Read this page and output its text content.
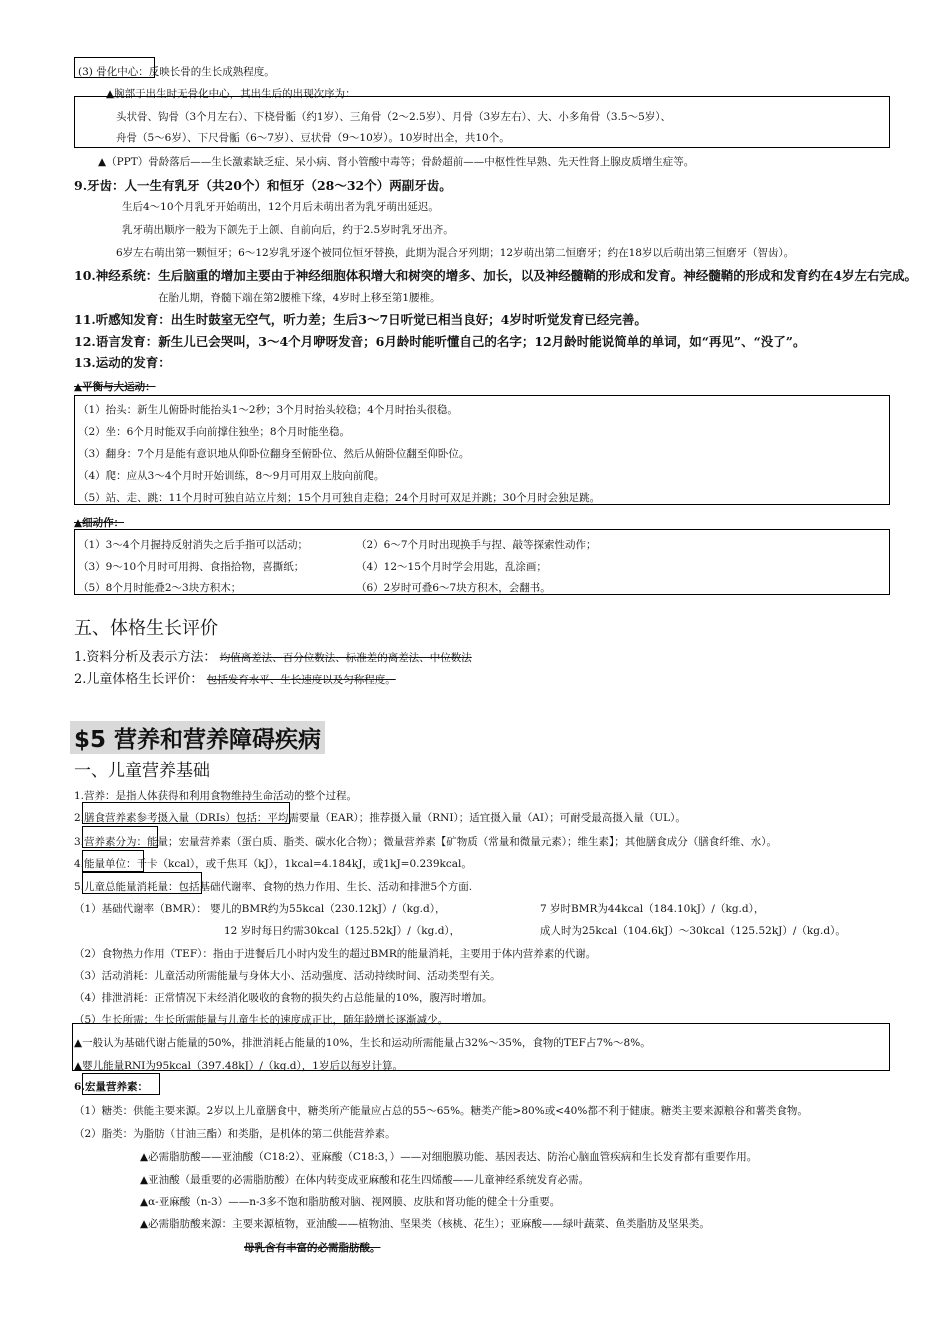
(3) 骨化中心：反映长骨的生长成熟程度。
▲腕部于出生时无骨化中心，其出生后的出现次序为：
头状骨、钩骨（3个月左右）、下桡骨骺（约1岁）、三角骨（2～2.5岁）、月骨（3岁左右）、大、小多角骨（3.5～5岁）、
舟骨（5～6岁）、下尺骨骺（6～7岁）、豆状骨（9～10岁）。10岁时出全，共10个。
▲（PPT）骨龄落后——生长激素缺乏症、呆小病、肾小管酸中毒等；骨龄超前——中枢性性早熟、先天性肾上腺皮质增生症等。
9.牙齿：人一生有乳牙（共20个）和恒牙（28～32个）两副牙齿。
生后4～10个月乳牙开始萌出，12个月后未萌出者为乳牙萌出延迟。
乳牙萌出顺序一般为下颌先于上颌、自前向后，约于2.5岁时乳牙出齐。
6岁左右萌出第一颗恒牙；6～12岁乳牙逐个被同位恒牙替换，此期为混合牙列期；12岁萌出第二恒磨牙；约在18岁以后萌出第三恒磨牙（智齿）。
10.神经系统：生后脑重的增加主要由于神经细胞体积增大和树突的增多、加长，以及神经髓鞘的形成和发育。神经髓鞘的形成和发育约在4岁左右完成。
在胎儿期，脊髓下端在第2腰椎下缘，4岁时上移至第1腰椎。
11.听感知发育：出生时鼓室无空气，听力差；生后3～7日听觉已相当良好；4岁时听觉发育已经完善。
12.语言发育：新生儿已会哭叫，3～4个月咿呀发音；6月龄时能听懂自己的名字；12月龄时能说简单的单词，如“再见”、“没了”。
13.运动的发育：
▲平衡与大运动：
（1）抬头：新生儿俯卧时能抬头1～2秒；3个月时抬头较稳；4个月时抬头很稳。
（2）坐：6个月时能双手向前撑住独坐；8个月时能坐稳。
（3）翻身：7个月是能有意识地从仰卧位翻身至俯卧位、然后从俯卧位翻至仰卧位。
（4）爬：应从3～4个月时开始训练，8～9月可用双上肢向前爬。
（5）站、走、跳：11个月时可独自站立片刻；15个月可独自走稳；24个月时可双足并跳；30个月时会独足跳。
▲细动作：
（1）3～4个月握持反射消失之后手指可以活动；	（2）6～7个月时出现换手与捏、敲等探索性动作；
（3）9～10个月时可用拇、食指拾物，喜撕纸；	（4）12～15个月时学会用匙，乱涂画；
（5）8个月时能叠2～3块方积木；	（6）2岁时可叠6～7块方积木，会翻书。
五、体格生长评价
1.资料分析及表示方法： 均值离差法、百分位数法、标准差的离差法、中位数法
2.儿童体格生长评价： 包括发育水平、生长速度以及匀称程度。
$5 营养和营养障碍疾病
一、儿童营养基础
1.营养：是指人体获得和利用食物维持生命活动的整个过程。
2.膳食营养素参考摄入量（DRIs）包括：平均需要量（EAR）；推荐摄入量（RNI）；适宜摄入量（AI）；可耐受最高摄入量（UL）。
3.营养素分为：能量；宏量营养素（蛋白质、脂类、碳水化合物）；微量营养素【矿物质（常量和微量元素）；维生素】；其他膳食成分（膳食纤维、水）。
4.能量单位：千卡（kcal），或千焦耳（kJ），1kcal=4.184kJ，或1kJ=0.239kcal。
5.儿童总能量消耗量：包括基础代谢率、食物的热力作用、生长、活动和排泄5个方面.
（1）基础代谢率（BMR）： 婴儿的BMR约为55kcal（230.12kJ）/（kg.d），	7 岁时BMR为44kcal（184.10kJ）/（kg.d），
12 岁时每日约需30kcal（125.52kJ）/（kg.d），	成人时为25kcal（104.6kJ）～30kcal（125.52kJ）/（kg.d）。
（2）食物热力作用（TEF）：指由于进餐后几小时内发生的超过BMR的能量消耗，主要用于体内营养素的代谢。
（3）活动消耗：儿童活动所需能量与身体大小、活动强度、活动持续时间、活动类型有关。
（4）排泄消耗：正常情况下未经消化吸收的食物的损失约占总能量的10%，腹泻时增加。
（5）生长所需：生长所需能量与儿童生长的速度成正比，随年龄增长逐渐减少。
▲一般认为基础代谢占能量的50%，排泄消耗占能量的10%，生长和运动所需能量占32%～35%，食物的TEF占7%～8%。
▲婴儿能量RNI为95kcal（397.48kJ）/（kg.d），1岁后以每岁计算。
6.宏量营养素：
（1）糖类：供能主要来源。2岁以上儿童膳食中，糖类所产能量应占总的55～65%。糖类产能>80%或<40%都不利于健康。糖类主要来源粮谷和薯类食物。
（2）脂类：为脂肪（甘油三酯）和类脂，是机体的第二供能营养素。
▲必需脂肪酸——亚油酸（C18:2）、亚麻酸（C18:3，）——对细胞膜功能、基因表达、防治心脑血管疾病和生长发育都有重要作用。
▲亚油酸（最重要的必需脂肪酸）在体内转变成亚麻酸和花生四烯酸——儿童神经系统发育必需。
▲α-亚麻酸（n-3）——n-3多不饱和脂肪酸对脑、视网膜、皮肤和肾功能的健全十分重要。
▲必需脂肪酸来源：主要来源植物，亚油酸——植物油、坚果类（核桃、花生）；亚麻酸——绿叶蔬菜、鱼类脂肪及坚果类。
母乳含有丰富的必需脂肪酸。
